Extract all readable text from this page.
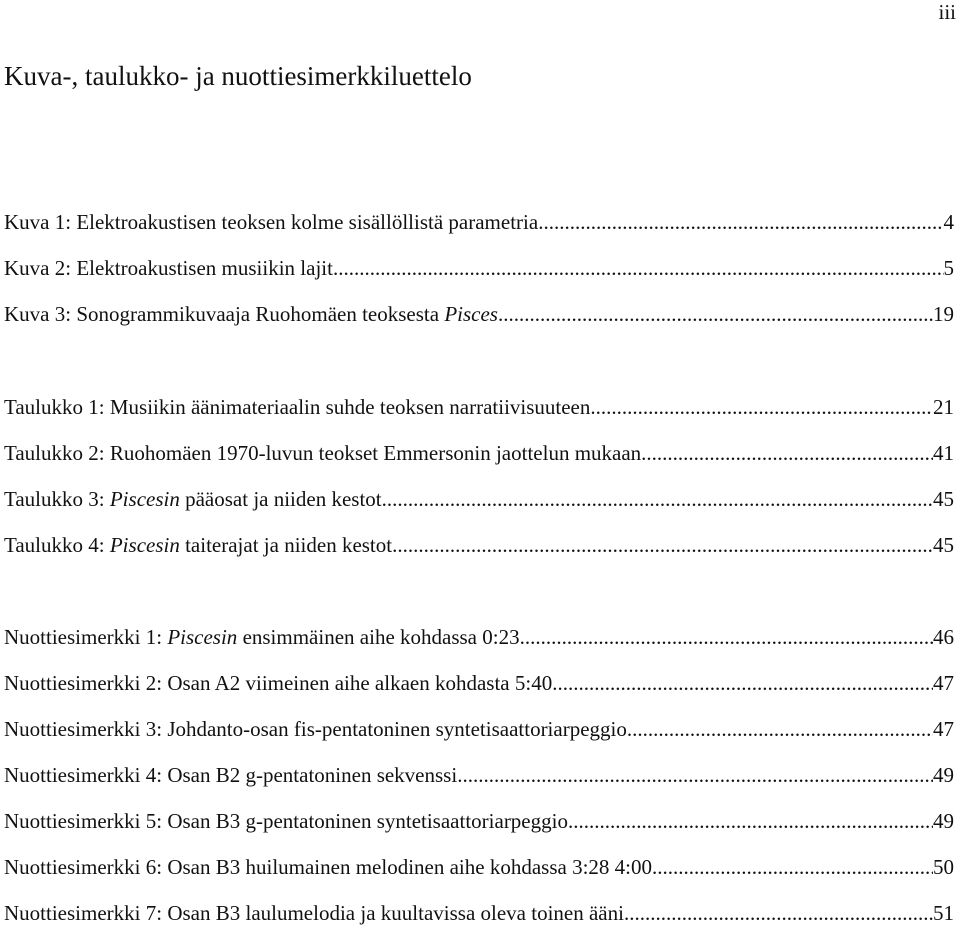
iii
Kuva-, taulukko- ja nuottiesimerkkiluettelo
Kuva 1: Elektroakustisen teoksen kolme sisällöllistä parametria .....	4
Kuva 2: Elektroakustisen musiikin lajit .....	5
Kuva 3: Sonogrammikuvaaja Ruohomäen teoksesta Pisces .....	19
Taulukko 1: Musiikin äänimateriaalin suhde teoksen narratiivisuuteen .....	21
Taulukko 2: Ruohomäen 1970-luvun teokset Emmersonin jaottelun mukaan .....	41
Taulukko 3: Piscesin pääosat ja niiden kestot .....	45
Taulukko 4: Piscesin taiterajat ja niiden kestot .....	45
Nuottiesimerkki 1: Piscesin ensimmäinen aihe kohdassa 0:23 .....	46
Nuottiesimerkki 2: Osan A2 viimeinen aihe alkaen kohdasta 5:40 .....	47
Nuottiesimerkki 3: Johdanto-osan fis-pentatoninen syntetisaattoriarpeggio .....	47
Nuottiesimerkki 4: Osan B2 g-pentatoninen sekvenssi .....	49
Nuottiesimerkki 5: Osan B3 g-pentatoninen syntetisaattoriarpeggio .....	49
Nuottiesimerkki 6: Osan B3 huilumainen melodinen aihe kohdassa 3:28 4:00 .....	50
Nuottiesimerkki 7: Osan B3 laulumelodia ja kuultavissa oleva toinen ääni .....	51
